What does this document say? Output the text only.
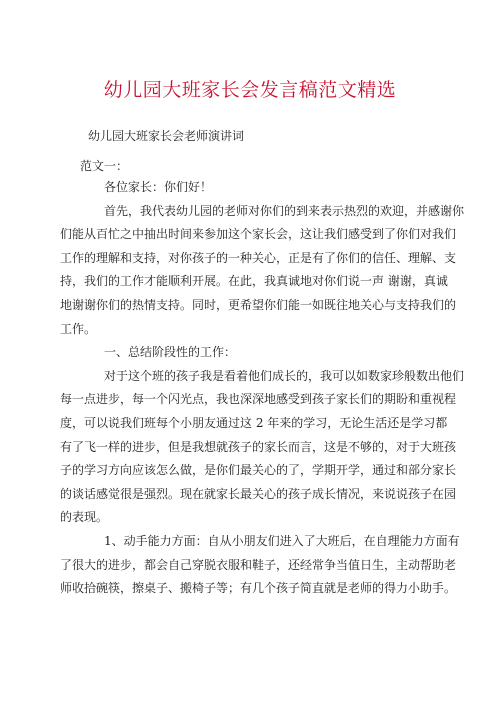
幼儿园大班家长会发言稿范文精选
幼儿园大班家长会老师演讲词
范文一：
各位家长：你们好！
首先，我代表幼儿园的老师对你们的到来表示热烈的欢迎，并感谢你
们能从百忙之中抽出时间来参加这个家长会，这让我们感受到了你们对我们
工作的理解和支持，对你孩子的一种关心，正是有了你们的信任、理解、支
持，我们的工作才能顺利开展。在此，我真诚地对你们说一声 谢谢，真诚
地谢谢你们的热情支持。同时，更希望你们能一如既往地关心与支持我们的
工作。
一、总结阶段性的工作：
对于这个班的孩子我是看着他们成长的，我可以如数家珍般数出他们
每一点进步，每一个闪光点，我也深深地感受到孩子家长们的期盼和重视程
度，可以说我们班每个小朋友通过这 2 年来的学习，无论生活还是学习都
有了飞一样的进步，但是我想就孩子的家长而言，这是不够的，对于大班孩
子的学习方向应该怎么做，是你们最关心的了，学期开学，通过和部分家长
的谈话感觉很是强烈。现在就家长最关心的孩子成长情况，来说说孩子在园
的表现。
1、动手能力方面：自从小朋友们进入了大班后，在自理能力方面有
了很大的进步，都会自己穿脱衣服和鞋子，还经常争当值日生，主动帮助老
师收拾碗筷，擦桌子、搬椅子等；有几个孩子简直就是老师的得力小助手。
